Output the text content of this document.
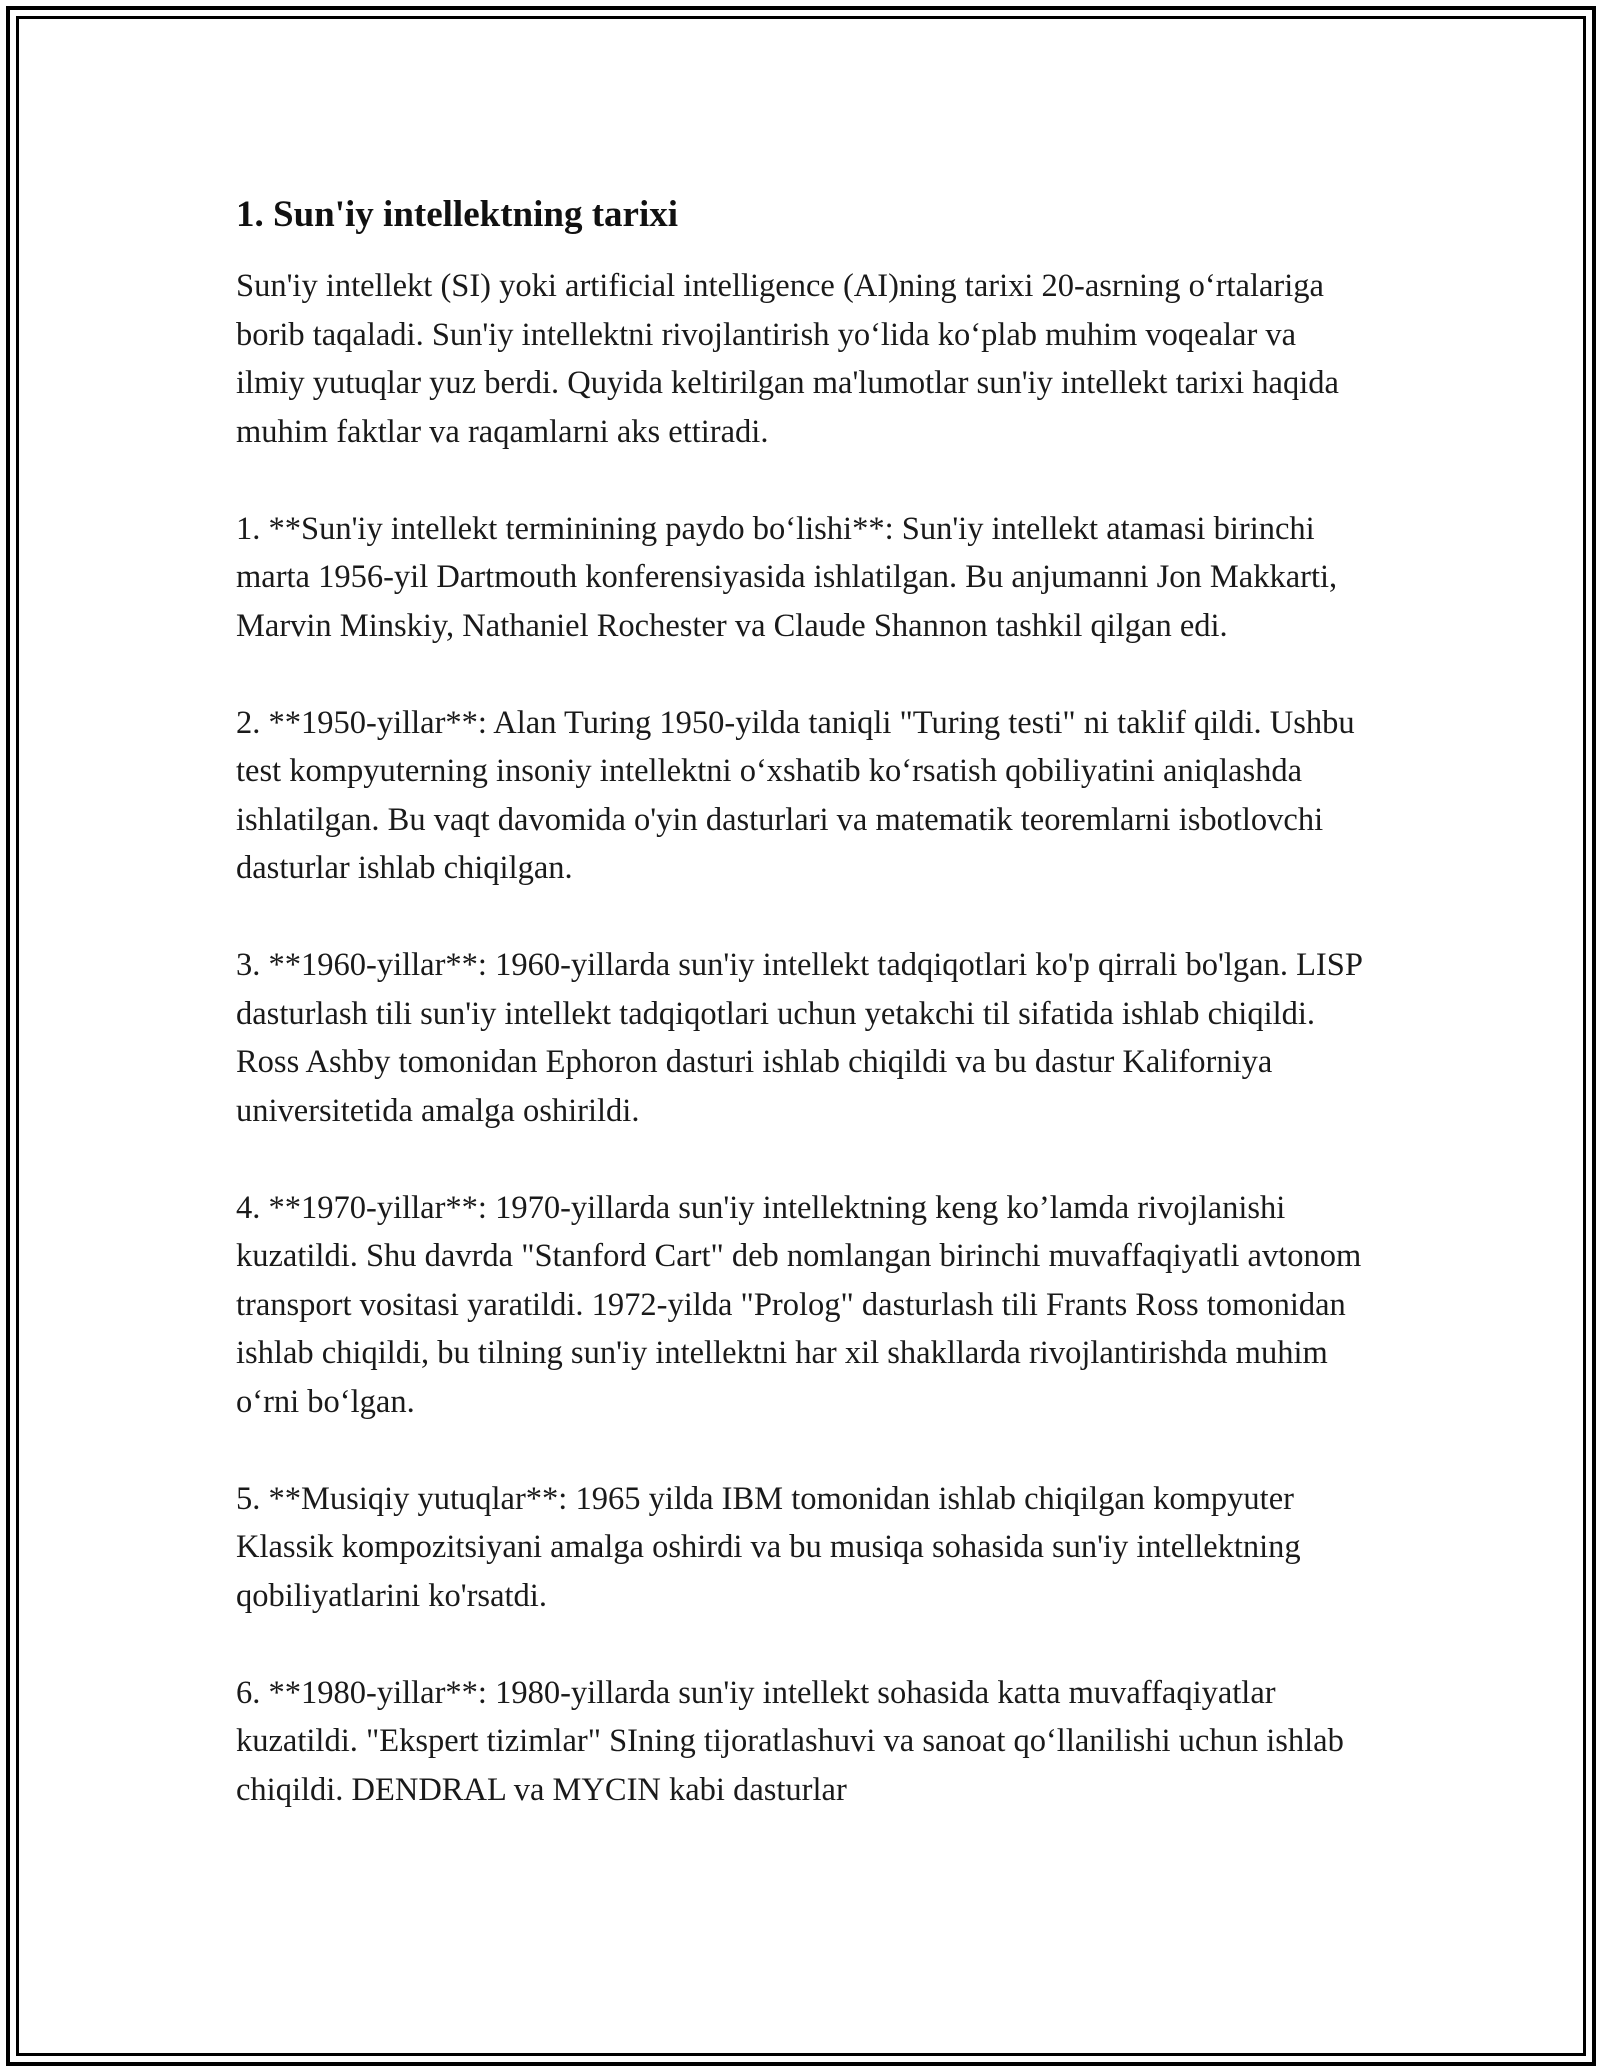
1. Sun'iy intellektning tarixi

Sun'iy intellekt (SI) yoki artificial intelligence (AI)ning tarixi 20-asrning o‘rtalariga borib taqaladi. Sun'iy intellektni rivojlantirish yo‘lida ko‘plab muhim voqealar va ilmiy yutuqlar yuz berdi. Quyida keltirilgan ma'lumotlar sun'iy intellekt tarixi haqida muhim faktlar va raqamlarni aks ettiradi.

1. **Sun'iy intellekt terminining paydo bo‘lishi**: Sun'iy intellekt atamasi birinchi marta 1956-yil Dartmouth konferensiyasida ishlatilgan. Bu anjumanni Jon Makkarti, Marvin Minskiy, Nathaniel Rochester va Claude Shannon tashkil qilgan edi.

2. **1950-yillar**: Alan Turing 1950-yilda taniqli "Turing testi" ni taklif qildi. Ushbu test kompyuterning insoniy intellektni o‘xshatib ko‘rsatish qobiliyatini aniqlashda ishlatilgan. Bu vaqt davomida o'yin dasturlari va matematik teoremlarni isbotlovchi dasturlar ishlab chiqilgan.

3. **1960-yillar**: 1960-yillarda sun'iy intellekt tadqiqotlari ko'p qirrali bo'lgan. LISP dasturlash tili sun'iy intellekt tadqiqotlari uchun yetakchi til sifatida ishlab chiqildi. Ross Ashby tomonidan Ephoron dasturi ishlab chiqildi va bu dastur Kaliforniya universitetida amalga oshirildi.

4. **1970-yillar**: 1970-yillarda sun'iy intellektning keng ko’lamda rivojlanishi kuzatildi. Shu davrda "Stanford Cart" deb nomlangan birinchi muvaffaqiyatli avtonom transport vositasi yaratildi. 1972-yilda "Prolog" dasturlash tili Frants Ross tomonidan ishlab chiqildi, bu tilning sun'iy intellektni har xil shakllarda rivojlantirishda muhim o‘rni bo‘lgan.

5. **Musiqiy yutuqlar**: 1965 yilda IBM tomonidan ishlab chiqilgan kompyuter Klassik kompozitsiyani amalga oshirdi va bu musiqa sohasida sun'iy intellektning qobiliyatlarini ko'rsatdi.

6. **1980-yillar**: 1980-yillarda sun'iy intellekt sohasida katta muvaffaqiyatlar kuzatildi. "Ekspert tizimlar" SIning tijoratlashuvi va sanoat qo‘llanilishi uchun ishlab chiqildi. DENDRAL va MYCIN kabi dasturlar
